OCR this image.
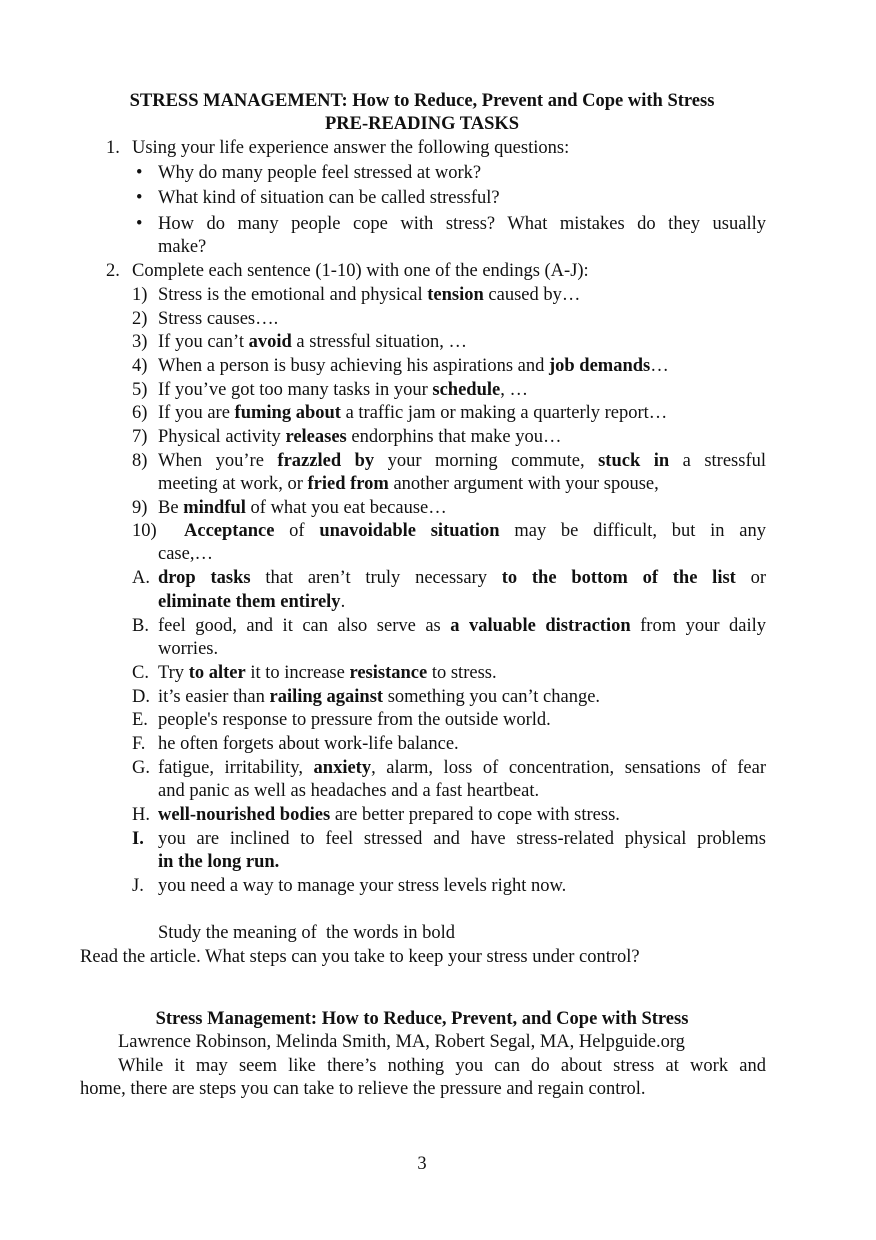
STRESS MANAGEMENT: How to Reduce, Prevent and Cope with Stress
PRE-READING TASKS
1. Using your life experience answer the following questions:
• Why do many people feel stressed at work?
• What kind of situation can be called stressful?
• How do many people cope with stress? What mistakes do they usually
make?
2. Complete each sentence (1-10) with one of the endings (A-J):
1) Stress is the emotional and physical tension caused by…
2) Stress causes….
3) If you can’t avoid a stressful situation, …
4) When a person is busy achieving his aspirations and job demands…
5) If you’ve got too many tasks in your schedule, …
6) If you are fuming about a traffic jam or making a quarterly report…
7) Physical activity releases endorphins that make you…
8) When you’re frazzled by your morning commute, stuck in a stressful
meeting at work, or fried from another argument with your spouse,
9) Be mindful of what you eat because…
10) Acceptance of unavoidable situation may be difficult, but in any
case,…
A. drop tasks that aren’t truly necessary to the bottom of the list or
eliminate them entirely.
B. feel good, and it can also serve as a valuable distraction from your daily
worries.
C. Try to alter it to increase resistance to stress.
D. it’s easier than railing against something you can’t change.
E. people's response to pressure from the outside world.
F. he often forgets about work-life balance.
G. fatigue, irritability, anxiety, alarm, loss of concentration, sensations of fear
and panic as well as headaches and a fast heartbeat.
H. well-nourished bodies are better prepared to cope with stress.
I. you are inclined to feel stressed and have stress-related physical problems
in the long run.
J. you need a way to manage your stress levels right now.
Study the meaning of  the words in bold
Read the article. What steps can you take to keep your stress under control?
Stress Management: How to Reduce, Prevent, and Cope with Stress
Lawrence Robinson, Melinda Smith, MA, Robert Segal, MA, Helpguide.org
While it may seem like there’s nothing you can do about stress at work and
home, there are steps you can take to relieve the pressure and regain control.
3
